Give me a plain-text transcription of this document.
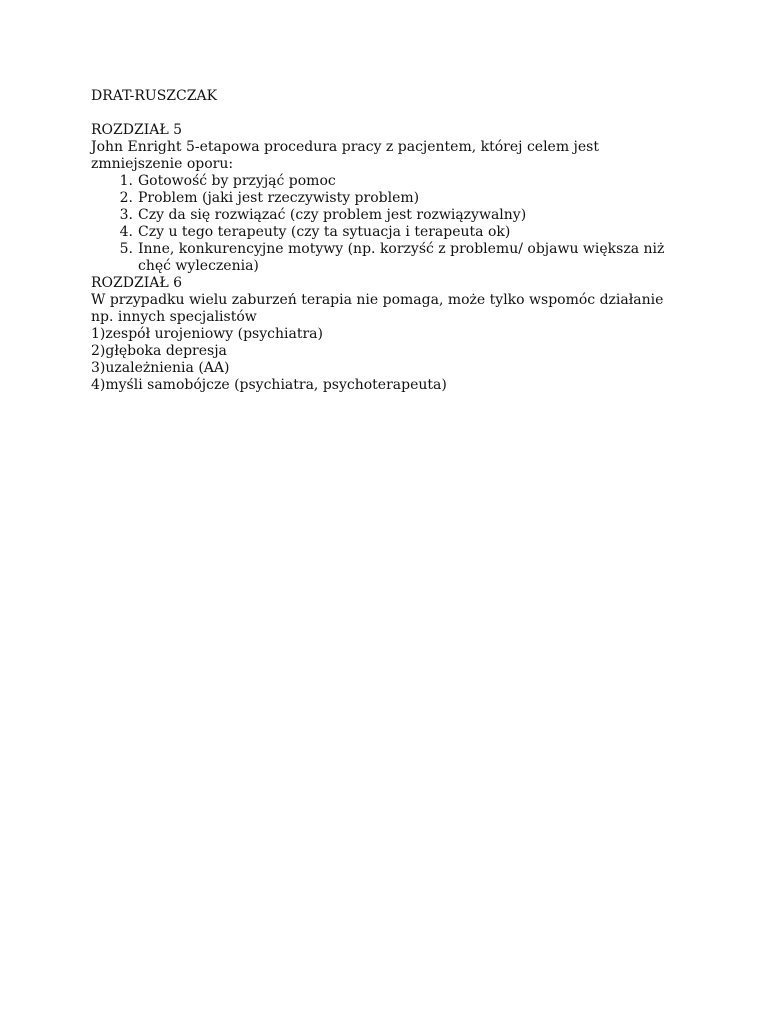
DRAT-RUSZCZAK

ROZDZIAŁ 5

John Enright 5-etapowa procedura pracy z pacjentem, której celem jest zmniejszenie oporu:

1. Gotowość by przyjąć pomoc
2. Problem (jaki jest rzeczywisty problem)
3. Czy da się rozwiązać (czy problem jest rozwiązywalny)
4. Czy u tego terapeuty (czy ta sytuacja i terapeuta ok)
5. Inne, konkurencyjne motywy (np. korzyść z problemu/ objawu większa niż chęć wyleczenia)

ROZDZIAŁ 6

W przypadku wielu zaburzeń terapia nie pomaga, może tylko wspomóc działanie np. innych specjalistów

1)zespół urojeniowy (psychiatra)

2)głęboka depresja

3)uzależnienia (AA)

4)myśli samobójcze (psychiatra, psychoterapeuta)
